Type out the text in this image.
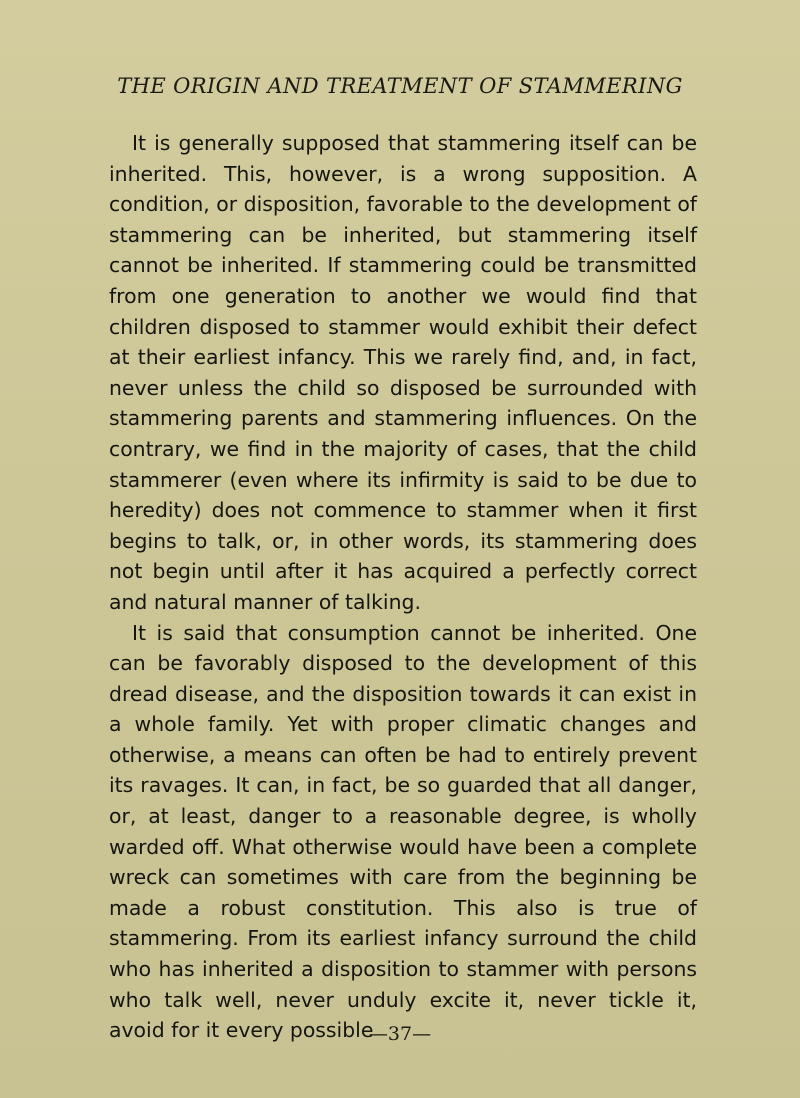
THE ORIGIN AND TREATMENT OF STAMMERING

It is generally supposed that stammering itself can be inherited. This, however, is a wrong supposition. A condition, or disposition, favorable to the development of stammering can be inherited, but stammering itself cannot be inherited. If stammering could be transmitted from one generation to another we would find that children disposed to stammer would exhibit their defect at their earliest infancy. This we rarely find, and, in fact, never unless the child so disposed be surrounded with stammering parents and stammering influences. On the contrary, we find in the majority of cases, that the child stammerer (even where its infirmity is said to be due to heredity) does not commence to stammer when it first begins to talk, or, in other words, its stammering does not begin until after it has acquired a perfectly correct and natural manner of talking.

It is said that consumption cannot be inherited. One can be favorably disposed to the development of this dread disease, and the disposition towards it can exist in a whole family. Yet with proper climatic changes and otherwise, a means can often be had to entirely prevent its ravages. It can, in fact, be so guarded that all danger, or, at least, danger to a reasonable degree, is wholly warded off. What otherwise would have been a complete wreck can sometimes with care from the beginning be made a robust constitution. This also is true of stammering. From its earliest infancy surround the child who has inherited a disposition to stammer with persons who talk well, never unduly excite it, never tickle it, avoid for it every possible

—37—
